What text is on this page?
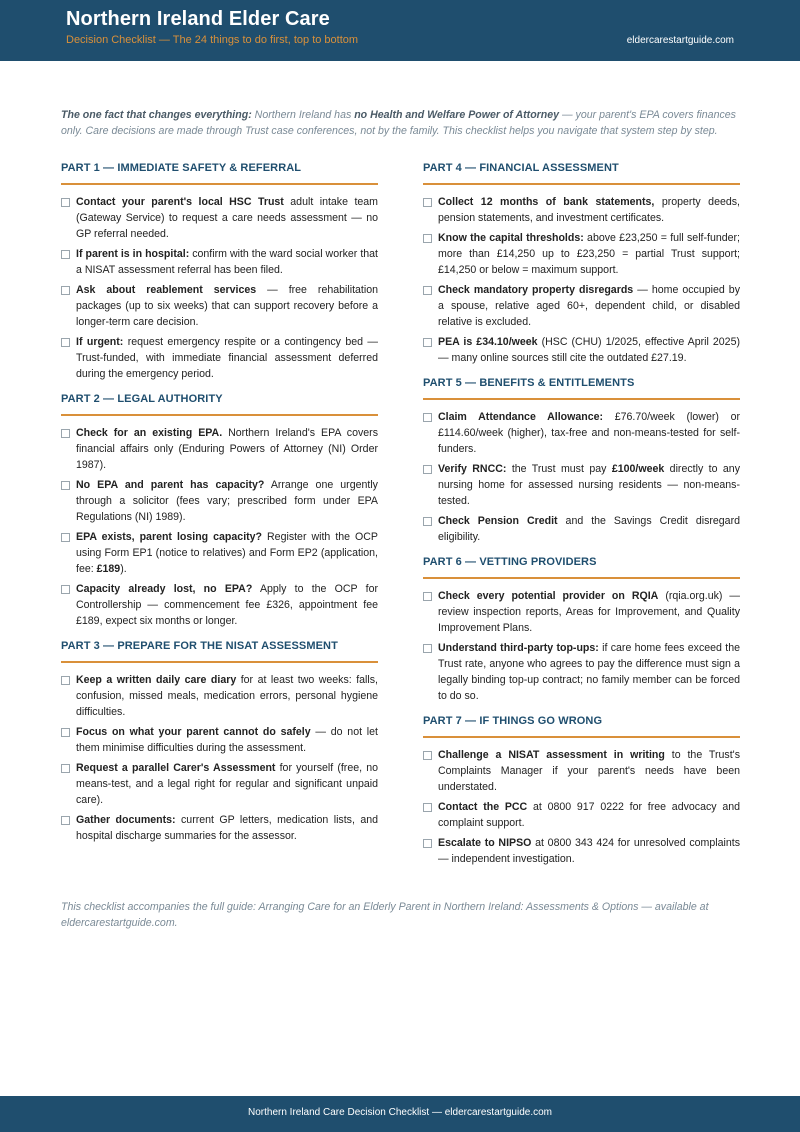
Northern Ireland Elder Care
Decision Checklist — The 24 things to do first, top to bottom	eldercarestartguide.com
The one fact that changes everything: Northern Ireland has no Health and Welfare Power of Attorney — your parent's EPA covers finances only. Care decisions are made through Trust case conferences, not by the family. This checklist helps you navigate that system step by step.
PART 1 — IMMEDIATE SAFETY & REFERRAL
Contact your parent's local HSC Trust adult intake team (Gateway Service) to request a care needs assessment — no GP referral needed.
If parent is in hospital: confirm with the ward social worker that a NISAT assessment referral has been filed.
Ask about reablement services — free rehabilitation packages (up to six weeks) that can support recovery before a longer-term care decision.
If urgent: request emergency respite or a contingency bed — Trust-funded, with immediate financial assessment deferred during the emergency period.
PART 2 — LEGAL AUTHORITY
Check for an existing EPA. Northern Ireland's EPA covers financial affairs only (Enduring Powers of Attorney (NI) Order 1987).
No EPA and parent has capacity? Arrange one urgently through a solicitor (fees vary; prescribed form under EPA Regulations (NI) 1989).
EPA exists, parent losing capacity? Register with the OCP using Form EP1 (notice to relatives) and Form EP2 (application, fee: £189).
Capacity already lost, no EPA? Apply to the OCP for Controllership — commencement fee £326, appointment fee £189, expect six months or longer.
PART 3 — PREPARE FOR THE NISAT ASSESSMENT
Keep a written daily care diary for at least two weeks: falls, confusion, missed meals, medication errors, personal hygiene difficulties.
Focus on what your parent cannot do safely — do not let them minimise difficulties during the assessment.
Request a parallel Carer's Assessment for yourself (free, no means-test, and a legal right for regular and significant unpaid care).
Gather documents: current GP letters, medication lists, and hospital discharge summaries for the assessor.
PART 4 — FINANCIAL ASSESSMENT
Collect 12 months of bank statements, property deeds, pension statements, and investment certificates.
Know the capital thresholds: above £23,250 = full self-funder; more than £14,250 up to £23,250 = partial Trust support; £14,250 or below = maximum support.
Check mandatory property disregards — home occupied by a spouse, relative aged 60+, dependent child, or disabled relative is excluded.
PEA is £34.10/week (HSC (CHU) 1/2025, effective April 2025) — many online sources still cite the outdated £27.19.
PART 5 — BENEFITS & ENTITLEMENTS
Claim Attendance Allowance: £76.70/week (lower) or £114.60/week (higher), tax-free and non-means-tested for self-funders.
Verify RNCC: the Trust must pay £100/week directly to any nursing home for assessed nursing residents — non-means-tested.
Check Pension Credit and the Savings Credit disregard eligibility.
PART 6 — VETTING PROVIDERS
Check every potential provider on RQIA (rqia.org.uk) — review inspection reports, Areas for Improvement, and Quality Improvement Plans.
Understand third-party top-ups: if care home fees exceed the Trust rate, anyone who agrees to pay the difference must sign a legally binding top-up contract; no family member can be forced to do so.
PART 7 — IF THINGS GO WRONG
Challenge a NISAT assessment in writing to the Trust's Complaints Manager if your parent's needs have been understated.
Contact the PCC at 0800 917 0222 for free advocacy and complaint support.
Escalate to NIPSO at 0800 343 424 for unresolved complaints — independent investigation.
This checklist accompanies the full guide: Arranging Care for an Elderly Parent in Northern Ireland: Assessments & Options — available at eldercarestartguide.com.
Northern Ireland Care Decision Checklist — eldercarestartguide.com
